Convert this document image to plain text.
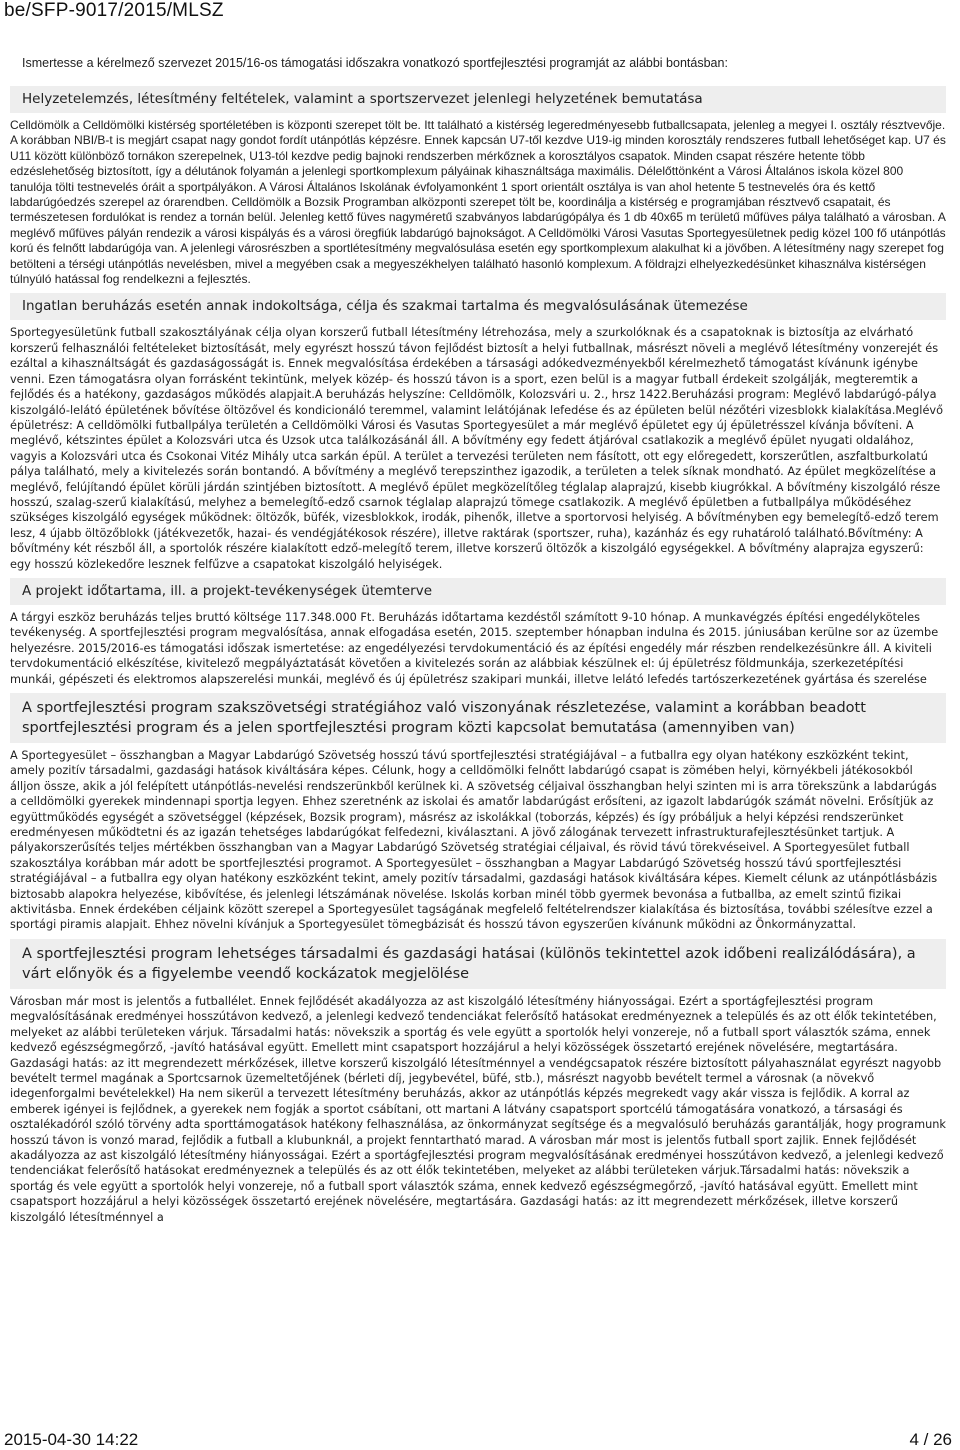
be/SFP-9017/2015/MLSZ
Ismertesse a kérelmező szervezet 2015/16-os támogatási időszakra vonatkozó sportfejlesztési programját az alábbi bontásban:
Helyzetelemzés, létesítmény feltételek, valamint a sportszervezet jelenlegi helyzetének bemutatása
Celldömölk a Celldömölki kistérség sportéletében is központi szerepet tölt be. Itt található a kistérség legeredményesebb futballcsapata, jelenleg a megyei I. osztály résztvevője. A korábban NBI/B-t is megjárt csapat nagy gondot fordít utánpótlás képzésre. Ennek kapcsán U7-től kezdve U19-ig minden korosztály rendszeres futball lehetőséget kap. U7 és U11 között különböző tornákon szerepelnek, U13-tól kezdve pedig bajnoki rendszerben mérkőznek a korosztályos csapatok. Minden csapat részére hetente több edzéslehetőség biztosított, így a délutánok folyamán a jelenlegi sportkomplexum pályáinak kihasználtsága maximális. Délelőttönként a Városi Általános iskola közel 800 tanulója tölti testnevelés óráit a sportpályákon. A Városi Általános Iskolának évfolyamonként 1 sport orientált osztálya is van ahol hetente 5 testnevelés óra és kettő labdarúgóedzés szerepel az órarendben. Celldömölk a Bozsik Programban alközponti szerepet tölt be, koordinálja a kistérség e programjában résztvevő csapatait, és természetesen fordulókat is rendez a tornán belül. Jelenleg kettő füves nagyméretű szabványos labdarúgópálya és 1 db 40x65 m területű műfüves pálya található a városban. A meglévő műfüves pályán rendezik a városi kispályás és a városi öregfiúk labdarúgó bajnokságot. A Celldömölki Városi Vasutas Sportegyesületnek pedig közel 100 fő utánpótlás korú és felnőtt labdarúgója van. A jelenlegi városrészben a sportlétesítmény megvalósulása esetén egy sportkomplexum alakulhat ki a jövőben. A létesítmény nagy szerepet fog betölteni a térségi utánpótlás nevelésben, mivel a megyében csak a megyeszékhelyen található hasonló komplexum. A földrajzi elhelyezkedésünket kihasználva kistérségen túlnyúló hatással fog rendelkezni a fejlesztés.
Ingatlan beruházás esetén annak indokoltsága, célja és szakmai tartalma és megvalósulásának ütemezése
Sportegyesületünk futball szakosztályának célja olyan korszerű futball létesítmény létrehozása, mely a szurkolóknak és a csapatoknak is biztosítja az elvárható korszerű felhasználói feltételeket biztosítását, mely egyrészt hosszú távon fejlődést biztosít a helyi futballnak, másrészt növeli a meglévő létesítmény vonzerejét és ezáltal a kihasználtságát és gazdaságosságát is. Ennek megvalósítása érdekében a társasági adókedvezményekből kérelmezhető támogatást kívánunk igénybe venni. Ezen támogatásra olyan forrásként tekintünk, melyek közép- és hosszú távon is a sport, ezen belül is a magyar futball érdekeit szolgálják, megteremtik a fejlődés és a hatékony, gazdaságos működés alapjait.A beruházás helyszíne: Celldömölk, Kolozsvári u. 2., hrsz 1422.Beruházási program: Meglévő labdarúgó-pálya kiszolgáló-lelátó épületének bővítése öltözővel és kondicionáló teremmel, valamint lelátójának lefedése és az épületen belül nézőtéri vizesblokk kialakítása.Meglévő épületrész: A celldömölki futballpálya területén a Celldömölki Városi és Vasutas Sportegyesület a már meglévő épületet egy új épületrésszel kívánja bővíteni. A meglévő, kétszintes épület a Kolozsvári utca és Uzsok utca találkozásánál áll. A bővítmény egy fedett átjáróval csatlakozik a meglévő épület nyugati oldalához, vagyis a Kolozsvári utca és Csokonai Vitéz Mihály utca sarkán épül. A terület a tervezési területen nem fásított, ott egy előregedett, korszerűtlen, aszfaltburkolatú pálya található, mely a kivitelezés során bontandó. A bővítmény a meglévő terepszinthez igazodik, a területen a telek síknak mondható. Az épület megközelítése a meglévő, felújítandó épület körüli járdán szintjében biztosított. A meglévő épület megközelítőleg téglalap alaprajzú, kisebb kiugrókkal. A bővítmény kiszolgáló része hosszú, szalag-szerű kialakítású, melyhez a bemelegítő-edző csarnok téglalap alaprajzú tömege csatlakozik. A meglévő épületben a futballpálya működéséhez szükséges kiszolgáló egységek működnek: öltözők, büfék, vizesblokkok, irodák, pihenők, illetve a sportorvosi helyiség. A bővítményben egy bemelegítő-edző terem lesz, 4 újabb öltözőblokk (játékvezetők, hazai- és vendégjátékosok részére), illetve raktárak (sportszer, ruha), kazánház és egy ruhatároló található.Bővítmény: A bővítmény két részből áll, a sportolók részére kialakított edző-melegítő terem, illetve korszerű öltözők a kiszolgáló egységekkel. A bővítmény alaprajza egyszerű: egy hosszú közlekedőre lesznek felfűzve a csapatokat kiszolgáló helyiségek.
A projekt időtartama, ill. a projekt-tevékenységek ütemterve
A tárgyi eszköz beruházás teljes bruttó költsége 117.348.000 Ft. Beruházás időtartama kezdéstől számított 9-10 hónap. A munkavégzés építési engedélyköteles tevékenység. A sportfejlesztési program megvalósítása, annak elfogadása esetén, 2015. szeptember hónapban indulna és 2015. júniusában kerülne sor az üzembe helyezésre. 2015/2016-es támogatási időszak ismertetése: az engedélyezési tervdokumentáció és az építési engedély már részben rendelkezésünkre áll. A kiviteli tervdokumentáció elkészítése, kivitelező megpályáztatását követően a kivitelezés során az alábbiak készülnek el: új épületrész földmunkája, szerkezetépítési munkái, gépészeti és elektromos alapszerelési munkái, meglévő és új épületrész szakipari munkái, illetve lelátó lefedés tartószerkezetének gyártása és szerelése
A sportfejlesztési program szakszövetségi stratégiához való viszonyának részletezése, valamint a korábban beadott sportfejlesztési program és a jelen sportfejlesztési program közti kapcsolat bemutatása (amennyiben van)
A Sportegyesület – összhangban a Magyar Labdarúgó Szövetség hosszú távú sportfejlesztési stratégiájával – a futballra egy olyan hatékony eszközként tekint, amely pozitív társadalmi, gazdasági hatások kiváltására képes. Célunk, hogy a celldömölki felnőtt labdarúgó csapat is zömében helyi, környékbeli játékosokból álljon össze, akik a jól felépített utánpótlás-nevelési rendszerünkből kerülnek ki. A szövetség céljaival összhangban helyi szinten mi is arra törekszünk a labdarúgás a celldömölki gyerekek mindennapi sportja legyen. Ehhez szeretnénk az iskolai és amatőr labdarúgást erősíteni, az igazolt labdarúgók számát növelni. Erősítjük az együttműködés egységét a szövetséggel (képzések, Bozsik program), másrész az iskolákkal (toborzás, képzés) és így próbáljuk a helyi képzési rendszerünket eredményesen működtetni és az igazán tehetséges labdarúgókat felfedezni, kiválasztani. A jövő zálogának tervezett infrastrukturafejlesztésünket tartjuk. A pályakorszerűsítés teljes mértékben összhangban van a Magyar Labdarúgó Szövetség stratégiai céljaival, és rövid távú törekvéseivel. A Sportegyesület futball szakosztálya korábban már adott be sportfejlesztési programot. A Sportegyesület – összhangban a Magyar Labdarúgó Szövetség hosszú távú sportfejlesztési stratégiájával – a futballra egy olyan hatékony eszközként tekint, amely pozitív társadalmi, gazdasági hatások kiváltására képes. Kiemelt célunk az utánpótlásbázis biztosabb alapokra helyezése, kibővítése, és jelenlegi létszámának növelése. Iskolás korban minél több gyermek bevonása a futballba, az emelt szintű fizikai aktivitásba. Ennek érdekében céljaink között szerepel a Sportegyesület tagságának megfelelő feltételrendszer kialakítása és biztosítása, további szélesítve ezzel a sportági piramis alapjait. Ehhez növelni kívánjuk a Sportegyesület tömegbázisát és hosszú távon egyszerűen kívánunk működni az Önkormányzattal.
A sportfejlesztési program lehetséges társadalmi és gazdasági hatásai (különös tekintettel azok időbeni realizálódására), a várt előnyök és a figyelembe veendő kockázatok megjelölése
Városban már most is jelentős a futballélet. Ennek fejlődését akadályozza az ast kiszolgáló létesítmény hiányosságai. Ezért a sportágfejlesztési program megvalósításának eredményei hosszútávon kedvező, a jelenlegi kedvező tendenciákat felerősítő hatásokat eredményeznek a település és az ott élők tekintetében, melyeket az alábbi területeken várjuk. Társadalmi hatás: növekszik a sportág és vele együtt a sportolók helyi vonzereje, nő a futball sport választók száma, ennek kedvező egészségmegőrző, -javító hatásával együtt. Emellett mint csapatsport hozzájárul a helyi közösségek összetartó erejének növelésére, megtartására. Gazdasági hatás: az itt megrendezett mérkőzések, illetve korszerű kiszolgáló létesítménnyel a vendégcsapatok részére biztosított pályahasználat egyrészt nagyobb bevételt termel magának a Sportcsarnok üzemeltetőjének (bérleti díj, jegybevétel, büfé, stb.), másrészt nagyobb bevételt termel a városnak (a növekvő idegenforgalmi bevételekkel) Ha nem sikerül a tervezett létesítmény beruházás, akkor az utánpótlás képzés megrekedt vagy akár vissza is fejlődik. A korral az emberek igényei is fejlődnek, a gyerekek nem fogják a sportot csábítani, ott martani A látvány csapatsport sportcélú támogatására vonatkozó, a társasági és osztalékadóról szóló törvény adta sporttámogatások hatékony felhasználása, az önkormányzat segítsége és a megvalósuló beruházás garantálják, hogy programunk hosszú távon is vonzó marad, fejlődik a futball a klubunknál, a projekt fenntartható marad. A városban már most is jelentős futball sport zajlik. Ennek fejlődését akadályozza az ast kiszolgáló létesítmény hiányosságai. Ezért a sportágfejlesztési program megvalósításának eredményei hosszútávon kedvező, a jelenlegi kedvező tendenciákat felerősítő hatásokat eredményeznek a település és az ott élők tekintetében, melyeket az alábbi területeken várjuk.Társadalmi hatás: növekszik a sportág és vele együtt a sportolók helyi vonzereje, nő a futball sport választók száma, ennek kedvező egészségmegőrző, -javító hatásával együtt. Emellett mint csapatsport hozzájárul a helyi közösségek összetartó erejének növelésére, megtartására. Gazdasági hatás: az itt megrendezett mérkőzések, illetve korszerű kiszolgáló létesítménnyel a
2015-04-30 14:22	4 / 26
